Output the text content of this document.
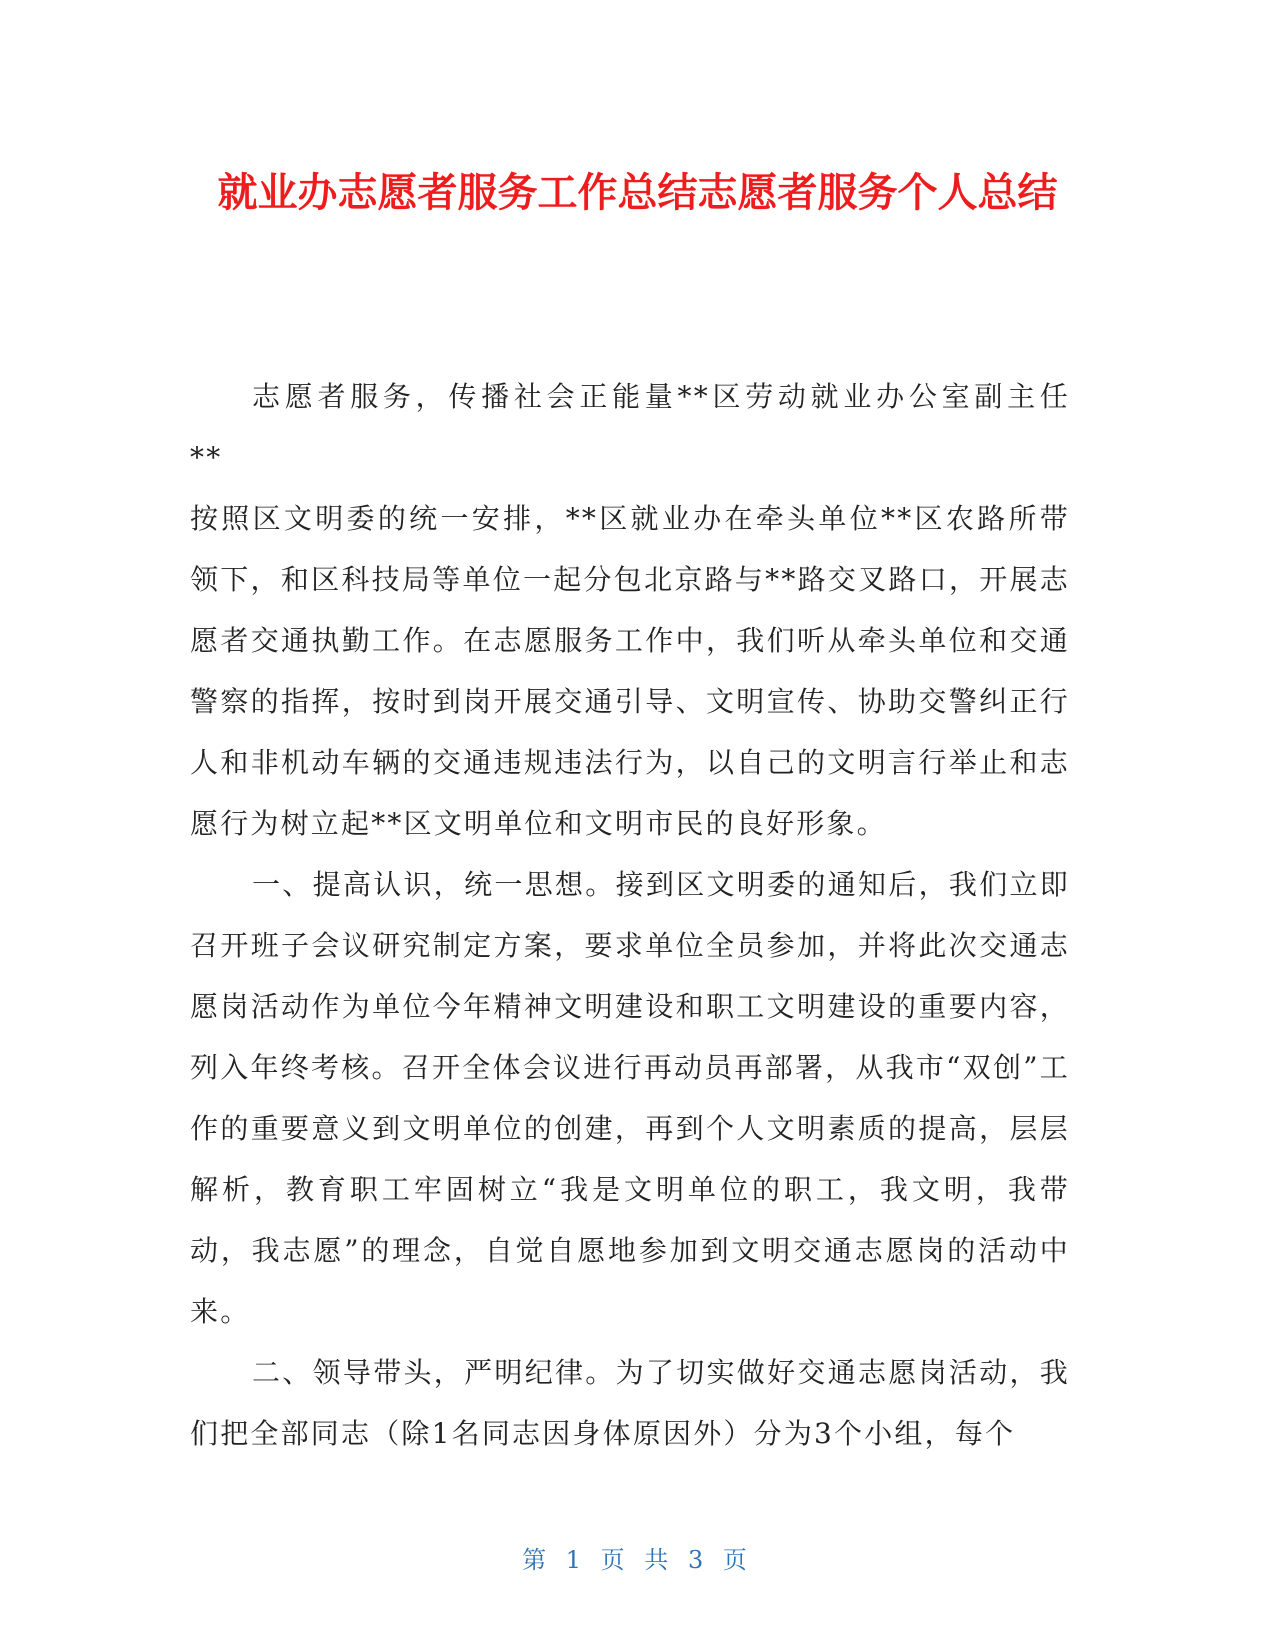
就业办志愿者服务工作总结志愿者服务个人总结

志愿者服务，传播社会正能量**区劳动就业办公室副主任　**

按照区文明委的统一安排，**区就业办在牵头单位**区农路所带领下，和区科技局等单位一起分包北京路与**路交叉路口，开展志愿者交通执勤工作。在志愿服务工作中，我们听从牵头单位和交通警察的指挥，按时到岗开展交通引导、文明宣传、协助交警纠正行人和非机动车辆的交通违规违法行为，以自己的文明言行举止和志愿行为树立起**区文明单位和文明市民的良好形象。

一、提高认识，统一思想。接到区文明委的通知后，我们立即召开班子会议研究制定方案，要求单位全员参加，并将此次交通志愿岗活动作为单位今年精神文明建设和职工文明建设的重要内容，列入年终考核。召开全体会议进行再动员再部署，从我市“双创”工作的重要意义到文明单位的创建，再到个人文明素质的提高，层层解析，教育职工牢固树立“我是文明单位的职工，我文明，我带动，我志愿”的理念，自觉自愿地参加到文明交通志愿岗的活动中来。

二、领导带头，严明纪律。为了切实做好交通志愿岗活动，我们把全部同志（除1名同志因身体原因外）分为3个小组，每个

第 1 页 共 3 页
